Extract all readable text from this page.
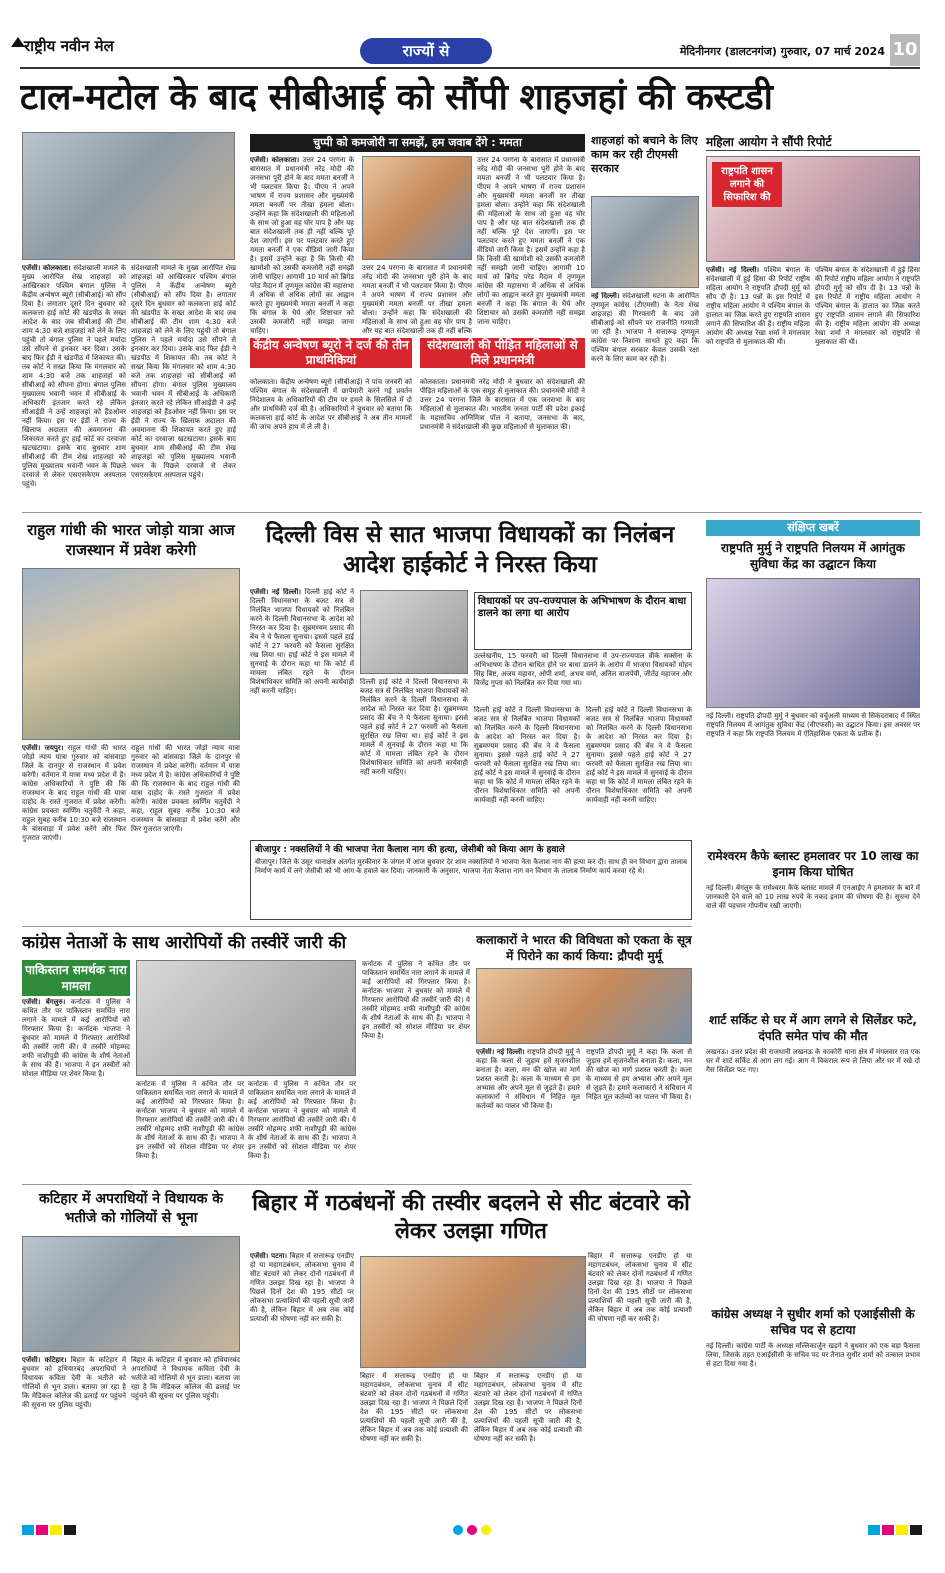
राष्ट्रीय नवीन मेल	राज्यों से	मेदिनीनगर (डालटनगंज) गुरुवार, 07 मार्च 2024 10
टाल-मटोल के बाद सीबीआई को सौंपी शाहजहां की कस्टडी
एजेंसी। कोलकाता। संदेशखाली मामले के मुख्य आरोपित शेख शाहजहां को आखिरकार पश्चिम बंगाल पुलिस ने केंद्रीय अन्वेषण ब्यूरो (सीबीआई) को सौंप दिया है। लगातार दूसरे दिन बुधवार को कलकत्ता हाई कोर्ट की खंडपीठ के सख्त आदेश के बाद जब सीबीआई की टीम शाम 4:30 बजे शाहजहां को लेने के लिए पहुंची तो बंगाल पुलिस ने पहले मर्यादा उसे सौंपने से इनकार कर दिया। उसके बाद फिर ईडी ने खंडपीठ में शिकायत की। तब कोर्ट ने सख्त किया कि मंगलवार को शाम 4:30 बजे तक शाहजहां को सीबीआई को सौंपना होगा। बंगाल पुलिस मुख्यालय भवानी भवन में सीबीआई के अधिकारी इंतजार करते रहे लेकिन सीआईडी ने उन्हें शाहजहां को हैंडओवर नहीं किया। इस पर ईडी ने राज्य के खिलाफ अदालत की अवमानना की शिकायत करते हुए हाई कोर्ट का दरवाजा खटखटाया। इसके बाद बुधवार शाम सीबीआई की टीम शेख शाहजहां को पुलिस मुख्यालय भवानी भवन के पिछले दरवाजे से लेकर एसएसकेएम अस्पताल पहुंचे।
संदेशखाली मामले के मुख्य आरोपित शेख शाहजहां को आखिरकार पश्चिम बंगाल पुलिस ने केंद्रीय अन्वेषण ब्यूरो (सीबीआई) को सौंप दिया है। लगातार दूसरे दिन बुधवार को कलकत्ता हाई कोर्ट की खंडपीठ के सख्त आदेश के बाद जब सीबीआई की टीम शाम 4:30 बजे शाहजहां को लेने के लिए पहुंची तो बंगाल पुलिस ने पहले मर्यादा उसे सौंपने से इनकार कर दिया। उसके बाद फिर ईडी ने खंडपीठ में शिकायत की। तब कोर्ट ने सख्त किया कि मंगलवार को शाम 4:30 बजे तक शाहजहां को सीबीआई को सौंपना होगा। बंगाल पुलिस मुख्यालय भवानी भवन में सीबीआई के अधिकारी इंतजार करते रहे लेकिन सीआईडी ने उन्हें शाहजहां को हैंडओवर नहीं किया। इस पर ईडी ने राज्य के खिलाफ अदालत की अवमानना की शिकायत करते हुए हाई कोर्ट का दरवाजा खटखटाया। इसके बाद बुधवार शाम सीबीआई की टीम शेख शाहजहां को पुलिस मुख्यालय भवानी भवन के पिछले दरवाजे से लेकर एसएसकेएम अस्पताल पहुंचे।
चुप्पी को कमजोरी ना समझें, हम जवाब देंगे : ममता
एजेंसी। कोलकाता। उत्तर 24 परगना के बारासात में प्रधानमंत्री नरेंद्र मोदी की जनसभा पूरी होने के बाद ममता बनर्जी ने भी पलटवार किया है। पीएम ने अपने भाषण में राज्य प्रशासन और मुख्यमंत्री ममता बनर्जी पर तीखा हमला बोला। उन्होंने कहा कि संदेशखाली की महिलाओं के साथ जो हुआ वह घोर पाप है और यह बात संदेशखाली तक ही नहीं बल्कि पूरे देश जाएगी। इस पर पलटवार करते हुए ममता बनर्जी ने एक वीडियो जारी किया है। इसमें उन्होंने कहा है कि किसी की खामोशी को उसकी कमजोरी नहीं समझी जानी चाहिए। आगामी 10 मार्च को ब्रिगेड परेड मैदान में तृणमूल कांग्रेस की महासभा में अधिक से अधिक लोगों का आह्वान करते हुए मुख्यमंत्री ममता बनर्जी ने कहा कि बंगाल के धैर्य और शिष्टाचार को उसकी कमजोरी नहीं समझा जाना चाहिए।
उत्तर 24 परगना के बारासात में प्रधानमंत्री नरेंद्र मोदी की जनसभा पूरी होने के बाद ममता बनर्जी ने भी पलटवार किया है। पीएम ने अपने भाषण में राज्य प्रशासन और मुख्यमंत्री ममता बनर्जी पर तीखा हमला बोला। उन्होंने कहा कि संदेशखाली की महिलाओं के साथ जो हुआ वह घोर पाप है और यह बात संदेशखाली तक ही नहीं बल्कि
उत्तर 24 परगना के बारासात में प्रधानमंत्री नरेंद्र मोदी की जनसभा पूरी होने के बाद ममता बनर्जी ने भी पलटवार किया है। पीएम ने अपने भाषण में राज्य प्रशासन और मुख्यमंत्री ममता बनर्जी पर तीखा हमला बोला। उन्होंने कहा कि संदेशखाली की महिलाओं के साथ जो हुआ वह घोर पाप है और यह बात संदेशखाली तक ही नहीं बल्कि पूरे देश जाएगी। इस पर पलटवार करते हुए ममता बनर्जी ने एक वीडियो जारी किया है। इसमें उन्होंने कहा है कि किसी की खामोशी को उसकी कमजोरी नहीं समझी जानी चाहिए। आगामी 10 मार्च को ब्रिगेड परेड मैदान में तृणमूल कांग्रेस की महासभा में अधिक से अधिक लोगों का आह्वान करते हुए मुख्यमंत्री ममता बनर्जी ने कहा कि बंगाल के धैर्य और शिष्टाचार को उसकी कमजोरी नहीं समझा जाना चाहिए।
केंद्रीय अन्वेषण ब्यूरो ने दर्ज की तीन प्राथमिकियां
कोलकाता। केंद्रीय अन्वेषण ब्यूरो (सीबीआई) ने पांच जनवरी को पश्चिम बंगाल के संदेशखाली में छापेमारी करने गई प्रवर्तन निदेशालय के अधिकारियों की टीम पर हमले के सिलसिले में दो और प्राथमिकी दर्ज की है। अधिकारियों ने बुधवार को बताया कि कलकत्ता हाई कोर्ट के आदेश पर सीबीआई ने अब तीन मामलों की जांच अपने हाथ में ले ली है।
संदेशखाली की पीड़ित महिलाओं से मिले प्रधानमंत्री
कोलकाता। प्रधानमंत्री नरेंद्र मोदी ने बुधवार को संदेशखाली की पीड़ित महिलाओं के एक समूह से मुलाकात की। प्रधानमंत्री मोदी ने उत्तर 24 परगना जिले के बारासात में एक जनसभा के बाद महिलाओं से मुलाकात की। भारतीय जनता पार्टी की प्रदेश इकाई के महासचिव अग्निमित्रा पॉल ने बताया, जनसभा के बाद, प्रधानमंत्री ने संदेशखाली की कुछ महिलाओं से मुलाकात की।
शाहजहां को बचाने के लिए काम कर रही टीएमसी सरकार
नई दिल्ली। संदेशखाली घटना के आरोपित तृणमूल कांग्रेस (टीएमसी) के नेता शेख शाहजहां की गिरफ्तारी के बाद उसे सीबीआई को सौंपने पर राजनीति गरमाती जा रही है। भाजपा ने सत्तारूढ़ तृणमूल कांग्रेस पर निशाना साधते हुए कहा कि पश्चिम बंगाल सरकार केवल उसकी रक्षा करने के लिए काम कर रही है।
महिला आयोग ने सौंपी रिपोर्ट
राष्ट्रपति शासन लगाने की सिफारिश की
एजेंसी। नई दिल्ली। पश्चिम बंगाल के संदेशखाली में हुई हिंसा की रिपोर्ट राष्ट्रीय महिला आयोग ने राष्ट्रपति द्रौपदी मुर्मू को सौंप दी है। 13 पन्नों के इस रिपोर्ट में राष्ट्रीय महिला आयोग ने पश्चिम बंगाल के हालात का जिक्र करते हुए राष्ट्रपति शासन लगाने की सिफारिश की है। राष्ट्रीय महिला आयोग की अध्यक्ष रेखा शर्मा ने मंगलवार को राष्ट्रपति से मुलाकात की थी।
पश्चिम बंगाल के संदेशखाली में हुई हिंसा की रिपोर्ट राष्ट्रीय महिला आयोग ने राष्ट्रपति द्रौपदी मुर्मू को सौंप दी है। 13 पन्नों के इस रिपोर्ट में राष्ट्रीय महिला आयोग ने पश्चिम बंगाल के हालात का जिक्र करते हुए राष्ट्रपति शासन लगाने की सिफारिश की है। राष्ट्रीय महिला आयोग की अध्यक्ष रेखा शर्मा ने मंगलवार को राष्ट्रपति से मुलाकात की थी।
राहुल गांधी की भारत जोड़ो यात्रा आज राजस्थान में प्रवेश करेगी
एजेंसी। जयपुर। राहुल गांधी की भारत जोड़ो न्याय यात्रा गुरुवार को बांसवाड़ा जिले के दानपुर से राजस्थान में प्रवेश करेगी। वर्तमान में यात्रा मध्य प्रदेश में है। कांग्रेस अधिकारियों ने पुष्टि की कि राजस्थान के बाद राहुल गांधी की यात्रा दाहोद के रास्ते गुजरात में प्रवेश करेगी। कांग्रेस प्रवक्ता स्वर्णिम चतुर्वेदी ने कहा, राहुल सुबह करीब 10:30 बजे राजस्थान के बांसवाड़ा में प्रवेश करेंगे और फिर गुजरात जाएंगी।
राहुल गांधी की भारत जोड़ो न्याय यात्रा गुरुवार को बांसवाड़ा जिले के दानपुर से राजस्थान में प्रवेश करेगी। वर्तमान में यात्रा मध्य प्रदेश में है। कांग्रेस अधिकारियों ने पुष्टि की कि राजस्थान के बाद राहुल गांधी की यात्रा दाहोद के रास्ते गुजरात में प्रवेश करेगी। कांग्रेस प्रवक्ता स्वर्णिम चतुर्वेदी ने कहा, राहुल सुबह करीब 10:30 बजे राजस्थान के बांसवाड़ा में प्रवेश करेंगे और फिर गुजरात जाएंगी।
दिल्ली विस से सात भाजपा विधायकों का निलंबन आदेश हाईकोर्ट ने निरस्त किया
एजेंसी। नई दिल्ली। दिल्ली हाई कोर्ट ने दिल्ली विधानसभा के बजट सत्र से निलंबित भाजपा विधायकों को निलंबित करने के दिल्ली विधानसभा के आदेश को निरस्त कर दिया है। सुब्रमण्यम प्रसाद की बेंच ने ये फैसला सुनाया। इससे पहले हाई कोर्ट ने 27 फरवरी को फैसला सुरक्षित रख लिया था। हाई कोर्ट ने इस मामले में सुनवाई के दौरान कहा था कि कोर्ट में मामला लंबित रहने के दौरान विशेषाधिकार समिति को अपनी कार्यवाही नहीं करनी चाहिए।
दिल्ली हाई कोर्ट ने दिल्ली विधानसभा के बजट सत्र से निलंबित भाजपा विधायकों को निलंबित करने के दिल्ली विधानसभा के आदेश को निरस्त कर दिया है। सुब्रमण्यम प्रसाद की बेंच ने ये फैसला सुनाया। इससे पहले हाई कोर्ट ने 27 फरवरी को फैसला सुरक्षित रख लिया था। हाई कोर्ट ने इस मामले में सुनवाई के दौरान कहा था कि कोर्ट में मामला लंबित रहने के दौरान विशेषाधिकार समिति को अपनी कार्यवाही नहीं करनी चाहिए।
विधायकों पर उप-राज्यपाल के अभिभाषण के दौरान बाधा डालने का लगा था आरोप
उल्लेखनीय, 15 फरवरी को दिल्ली विधानसभा में उप-राज्यपाल वीके सक्सेना के अभिभाषण के दौरान बाधित होने पर बाधा डालने के आरोप में भाजपा विधायकों मोहन सिंह बिष्ट, अजय महावर, ओपी शर्मा, अभय वर्मा, अनिल वाजपेयी, जीतेंद्र महाजन और विजेंद्र गुप्ता को निलंबित कर दिया गया था।
दिल्ली हाई कोर्ट ने दिल्ली विधानसभा के बजट सत्र से निलंबित भाजपा विधायकों को निलंबित करने के दिल्ली विधानसभा के आदेश को निरस्त कर दिया है। सुब्रमण्यम प्रसाद की बेंच ने ये फैसला सुनाया। इससे पहले हाई कोर्ट ने 27 फरवरी को फैसला सुरक्षित रख लिया था। हाई कोर्ट ने इस मामले में सुनवाई के दौरान कहा था कि कोर्ट में मामला लंबित रहने के दौरान विशेषाधिकार समिति को अपनी कार्यवाही नहीं करनी चाहिए।
दिल्ली हाई कोर्ट ने दिल्ली विधानसभा के बजट सत्र से निलंबित भाजपा विधायकों को निलंबित करने के दिल्ली विधानसभा के आदेश को निरस्त कर दिया है। सुब्रमण्यम प्रसाद की बेंच ने ये फैसला सुनाया। इससे पहले हाई कोर्ट ने 27 फरवरी को फैसला सुरक्षित रख लिया था। हाई कोर्ट ने इस मामले में सुनवाई के दौरान कहा था कि कोर्ट में मामला लंबित रहने के दौरान विशेषाधिकार समिति को अपनी कार्यवाही नहीं करनी चाहिए।
बीजापुर : नक्सलियों ने की भाजपा नेता कैलाश नाग की हत्या, जेसीबी को किया आग के हवाले
बीजापुर। जिले के उसूर थानाक्षेत्र अंतर्गत मुरकीनार के जंगल में आज बुधवार देर शाम नक्सलियों ने भाजपा नेता कैलाश नाग की हत्या कर दी। साथ ही वन विभाग द्वारा तालाब निर्माण कार्य में लगे जेसीबी को भी आग के हवाले कर दिया। जानकारी के अनुसार, भाजपा नेता कैलाश नाग वन विभाग के तालाब निर्माण कार्य करवा रहे थे।
संक्षिप्त खबरें
राष्ट्रपति मुर्मु ने राष्ट्रपति निलयम में आगंतुक सुविधा केंद्र का उद्घाटन किया
नई दिल्ली। राष्ट्रपति द्रौपदी मुर्मु ने बुधवार को वर्चुअली माध्यम से सिकंदराबाद में स्थित राष्ट्रपति निलयम में आगंतुक सुविधा केंद्र (वीएफसी) का उद्घाटन किया। इस अवसर पर राष्ट्रपति ने कहा कि राष्ट्रपति निलयम में ऐतिहासिक एकता के प्रतीक हैं।
रामेश्वरम कैफे ब्लास्ट हमलावर पर 10 लाख का इनाम किया घोषित
नई दिल्ली। बेंगलुरु के रामेश्वरम कैफे ब्लास्ट मामले में एनआईए ने हमलावर के बारे में जानकारी देने वाले को 10 लाख रुपये के नकद इनाम की घोषणा की है। सूचना देने वाले की पहचान गोपनीय रखी जाएगी।
शार्ट सर्किट से घर में आग लगने से सिलेंडर फटे, दंपति समेत पांच की मौत
लखनऊ। उत्तर प्रदेश की राजधानी लखनऊ के काकोरी थाना क्षेत्र में मंगलवार रात एक घर में शार्ट सर्किट से आग लग गई। आग ने विकराल रूप ले लिया और घर में रखे दो गैस सिलेंडर फट गए।
कांग्रेस अध्यक्ष ने सुधीर शर्मा को एआईसीसी के सचिव पद से हटाया
नई दिल्ली। कांग्रेस पार्टी के अध्यक्ष मल्लिकार्जुन खड़गे ने बुधवार को एक बड़ा फैसला लिया, जिसके तहत एआईसीसी के सचिव पद पर तैनात सुधीर शर्मा को तत्काल प्रभाव से हटा दिया गया है।
कांग्रेस नेताओं के साथ आरोपियों की तस्वीरें जारी की
पाकिस्तान समर्थक नारा मामला
एजेंसी। बेंगलुरु। कर्नाटक में पुलिस ने कथित तौर पर पाकिस्तान समर्थित नारा लगाने के मामले में कई आरोपियों को गिरफ्तार किया है। कर्नाटक भाजपा ने बुधवार को मामले में गिरफ्तार आरोपियों की तस्वीरें जारी की। ये तस्वीरें मोहम्मद शफी नाशीपुडी की कांग्रेस के शीर्ष नेताओं के साथ की हैं। भाजपा ने इन तस्वीरों को सोशल मीडिया पर शेयर किया है।
कर्नाटक में पुलिस ने कथित तौर पर पाकिस्तान समर्थित नारा लगाने के मामले में कई आरोपियों को गिरफ्तार किया है। कर्नाटक भाजपा ने बुधवार को मामले में गिरफ्तार आरोपियों की तस्वीरें जारी की। ये तस्वीरें मोहम्मद शफी नाशीपुडी की कांग्रेस के शीर्ष नेताओं के साथ की हैं। भाजपा ने इन तस्वीरों को सोशल मीडिया पर शेयर किया है।
कर्नाटक में पुलिस ने कथित तौर पर पाकिस्तान समर्थित नारा लगाने के मामले में कई आरोपियों को गिरफ्तार किया है। कर्नाटक भाजपा ने बुधवार को मामले में गिरफ्तार आरोपियों की तस्वीरें जारी की। ये तस्वीरें मोहम्मद शफी नाशीपुडी की कांग्रेस के शीर्ष नेताओं के साथ की हैं। भाजपा ने इन तस्वीरों को सोशल मीडिया पर शेयर किया है।
कर्नाटक में पुलिस ने कथित तौर पर पाकिस्तान समर्थित नारा लगाने के मामले में कई आरोपियों को गिरफ्तार किया है। कर्नाटक भाजपा ने बुधवार को मामले में गिरफ्तार आरोपियों की तस्वीरें जारी की। ये तस्वीरें मोहम्मद शफी नाशीपुडी की कांग्रेस के शीर्ष नेताओं के साथ की हैं। भाजपा ने इन तस्वीरों को सोशल मीडिया पर शेयर किया है।
कलाकारों ने भारत की विविधता को एकता के सूत्र में पिरोने का कार्य किया: द्रौपदी मुर्मू
एजेंसी। नई दिल्ली। राष्ट्रपति द्रौपदी मुर्मू ने कहा कि कला से जुड़ाव हमें सृजनशील बनाता है। कला, मन की खोज का मार्ग प्रशस्त करती है। कला के माध्यम से हम अभ्यास और अपने मूल से जुड़ते हैं। हमारे कलाकारों ने संविधान में निहित मूल कर्तव्यों का पालन भी किया है।
राष्ट्रपति द्रौपदी मुर्मू ने कहा कि कला से जुड़ाव हमें सृजनशील बनाता है। कला, मन की खोज का मार्ग प्रशस्त करती है। कला के माध्यम से हम अभ्यास और अपने मूल से जुड़ते हैं। हमारे कलाकारों ने संविधान में निहित मूल कर्तव्यों का पालन भी किया है।
कटिहार में अपराधियों ने विधायक के भतीजे को गोलियों से भूना
एजेंसी। कटिहार। बिहार के कटिहार में बुधवार को हथियारबंद अपराधियों ने विधायक कविता देवी के भतीजे को गोलियों से भून डाला। बताया जा रहा है कि मेडिकल कॉलेज की ढलाई पर पहुंचने की सूचना पर पुलिस पहुंची।
बिहार के कटिहार में बुधवार को हथियारबंद अपराधियों ने विधायक कविता देवी के भतीजे को गोलियों से भून डाला। बताया जा रहा है कि मेडिकल कॉलेज की ढलाई पर पहुंचने की सूचना पर पुलिस पहुंची।
बिहार में गठबंधनों की तस्वीर बदलने से सीट बंटवारे को लेकर उलझा गणित
एजेंसी। पटना। बिहार में सत्तारूढ़ एनडीए हो या महागठबंधन, लोकसभा चुनाव में सीट बंटवारे को लेकर दोनों गठबंधनों में गणित उलझा दिख रहा है। भाजपा ने पिछले दिनों देश की 195 सीटों पर लोकसभा प्रत्याशियों की पहली सूची जारी की है, लेकिन बिहार में अब तक कोई प्रत्याशी की घोषणा नहीं कर सकी है।
बिहार में सत्तारूढ़ एनडीए हो या महागठबंधन, लोकसभा चुनाव में सीट बंटवारे को लेकर दोनों गठबंधनों में गणित उलझा दिख रहा है। भाजपा ने पिछले दिनों देश की 195 सीटों पर लोकसभा प्रत्याशियों की पहली सूची जारी की है, लेकिन बिहार में अब तक कोई प्रत्याशी की घोषणा नहीं कर सकी है।
बिहार में सत्तारूढ़ एनडीए हो या महागठबंधन, लोकसभा चुनाव में सीट बंटवारे को लेकर दोनों गठबंधनों में गणित उलझा दिख रहा है। भाजपा ने पिछले दिनों देश की 195 सीटों पर लोकसभा प्रत्याशियों की पहली सूची जारी की है, लेकिन बिहार में अब तक कोई प्रत्याशी की घोषणा नहीं कर सकी है।
बिहार में सत्तारूढ़ एनडीए हो या महागठबंधन, लोकसभा चुनाव में सीट बंटवारे को लेकर दोनों गठबंधनों में गणित उलझा दिख रहा है। भाजपा ने पिछले दिनों देश की 195 सीटों पर लोकसभा प्रत्याशियों की पहली सूची जारी की है, लेकिन बिहार में अब तक कोई प्रत्याशी की घोषणा नहीं कर सकी है।
